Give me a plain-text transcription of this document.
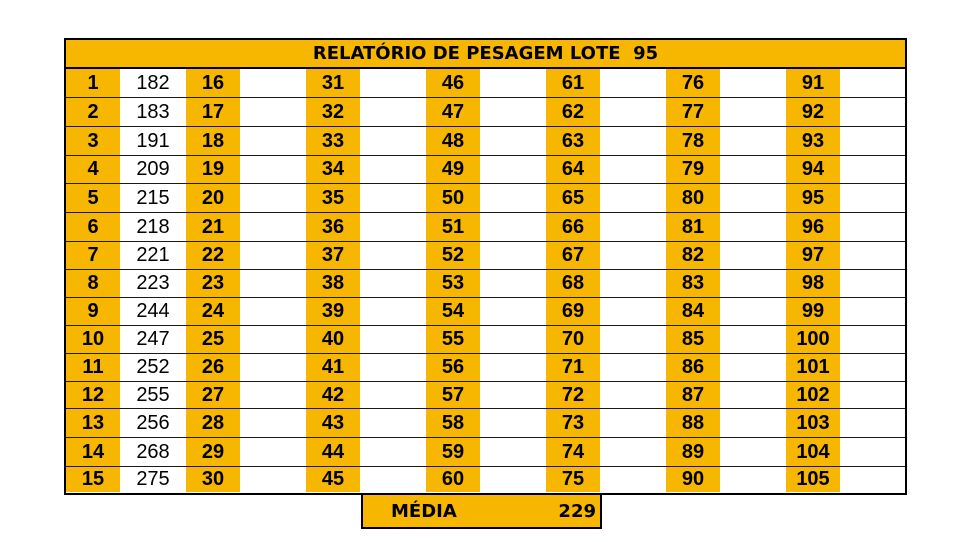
RELATÓRIO DE PESAGEM LOTE  95
1	182	16	31	46	61	76	91
2	183	17	32	47	62	77	92
3	191	18	33	48	63	78	93
4	209	19	34	49	64	79	94
5	215	20	35	50	65	80	95
6	218	21	36	51	66	81	96
7	221	22	37	52	67	82	97
8	223	23	38	53	68	83	98
9	244	24	39	54	69	84	99
10	247	25	40	55	70	85	100
11	252	26	41	56	71	86	101
12	255	27	42	57	72	87	102
13	256	28	43	58	73	88	103
14	268	29	44	59	74	89	104
15	275	30	45	60	75	90	105
MÉDIA	229
